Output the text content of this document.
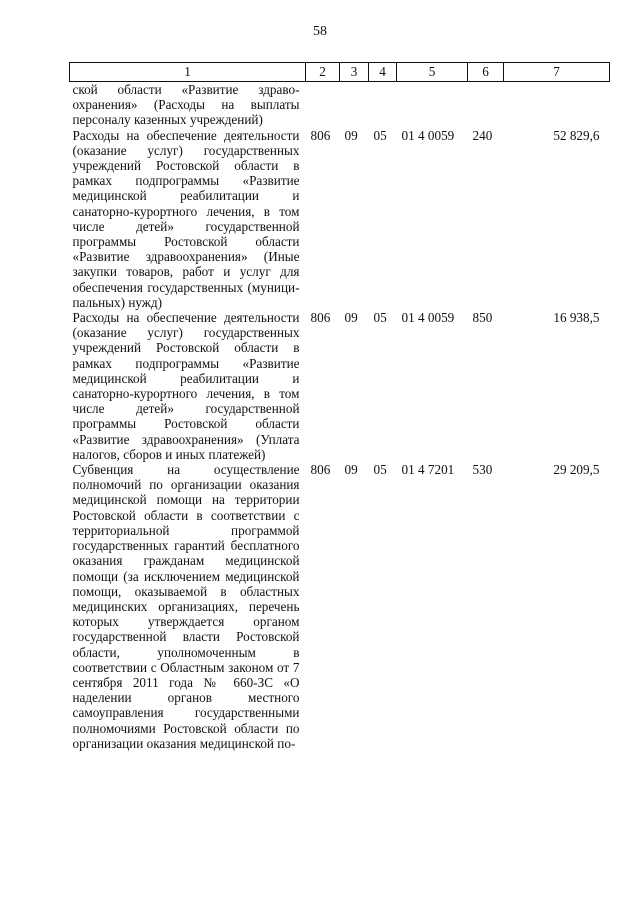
58
1	2	3	4	5	6	7
ской области «Развитие здравоохранения» (Расходы на выплаты персоналу казенных учреждений)						
Расходы на обеспечение деятельности (оказание услуг) государственных учреждений Ростовской области в рамках подпрограммы «Развитие медицинской реабилитации и санаторно-курортного лечения, в том числе детей» государственной программы Ростовской области «Развитие здравоохранения» (Иные закупки товаров, работ и услуг для обеспечения государственных (муниципальных) нужд)	806	09	05	01 4 0059	240	52 829,6
Расходы на обеспечение деятельности (оказание услуг) государственных учреждений Ростовской области в рамках подпрограммы «Развитие медицинской реабилитации и санаторно-курортного лечения, в том числе детей» государственной программы Ростовской области «Развитие здравоохранения» (Уплата налогов, сборов и иных платежей)	806	09	05	01 4 0059	850	16 938,5
Субвенция на осуществление полномочий по организации оказания медицинской помощи на территории Ростовской области в соответствии с территориальной программой государственных гарантий бесплатного оказания гражданам медицинской помощи (за исключением медицинской помощи, оказываемой в областных медицинских организациях, перечень которых утверждается органом государственной власти Ростовской области, уполномоченным в соответствии с Областным законом от 7 сентября 2011 года № 660-ЗС «О наделении органов местного самоуправления государственными полномочиями Ростовской области по организации оказания медицинской по-	806	09	05	01 4 7201	530	29 209,5
